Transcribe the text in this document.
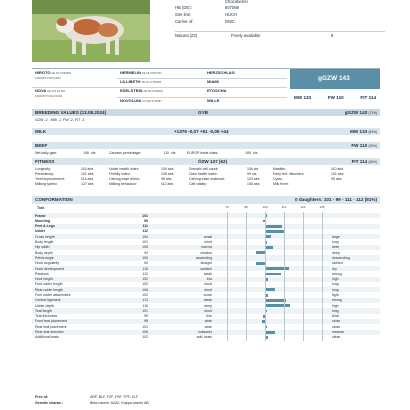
Chocoberrin
HB (DE):	607088
Sire line:	HUCH
Carrier of:	DWC
Natural (Z2)	Freely available	9
HIROTO DE 09 17549590
125/118/77/116,0,83/4
NOVA DE 276 3/4 561
132/115/77/116,0,5/109
HERMELIN DE 09 57497464
LILLIBETH DE 09 17766468
EDELSTEIN DE 09 53789202
NOVOLUNI CZ 000 3713887
HERZSCHLAG
MIAMI
ETOSCHA
WILLE
gGZW 143
MW 133	FW 110	FIT 114
BREEDING VALUES (13.08.2024)	GYB	gGZW 143 (71%)
GZW -2 , MW -1, FW -2, FIT -1
MILK	+1376 -0,07 +51 -0,05 +44	MW 133 (84%)
BEEF	FW 110 (95%)
Net daily gain:	106 cts	Carcass percentage:	110 cts	EUROP trade class:	106 cts
FITNESS	ÖZW 137 (62)	FIT 114 (66%)
Longevity:	116 abs	Udder health index:	109 abs	Somatic cell count:	106 cts	Mastitis:	110 abs
Persistency:	101 abs	Fertility index:	105 abs	Claw health index:	99 cts	Early fert. disorders:	101 abs
Yield improvement:	114 abs	Calving ease direct:	98 abs	Calving ease maternal:	103 abs	Cysts:	95 abs
Milking speed:	127 abs	Milking behaviour:	112 abs	Calf vitality:	106 abs	Milk fever:
CONFORMATION	0 daughters: 101 - 99 - 111 - 112 (81%)
Trait	76	88	100	112	124	136
Frame	101
Muscling	99
Feet & Legs	111
Udder	112
Cross height	104	small	large
Body length	101	short	long
Hip width	105	narrow	wide
Body depth	94	shallow	deep
Pelvis angle	100	ascending	descending
Hock angularity	94	straight	sickled
Hock development	115	swollen	dry
Pasterns	110	weak	strong
Hoof height	102	low	high
Fore udder length	100	short	long
Rear udder length	106	short	long
Fore udder attachment	102	loose	tight
Central ligament	113	weak	strong
Udder depth	116	deep	high
Teat length	101	short	long
Teat thickness	99	thin	thick
Front teat placement	98	wide	close
Rear teat placement	101	wide	close
Rear teat direction	106	outwards	inwards
Additional teats	102	add. teats	clean
Free of:	ARF, BLF, F2F, FSF, TPF, ZLF
Genetic charac.:	Beta casein: A2A2, Kappa casein AB
